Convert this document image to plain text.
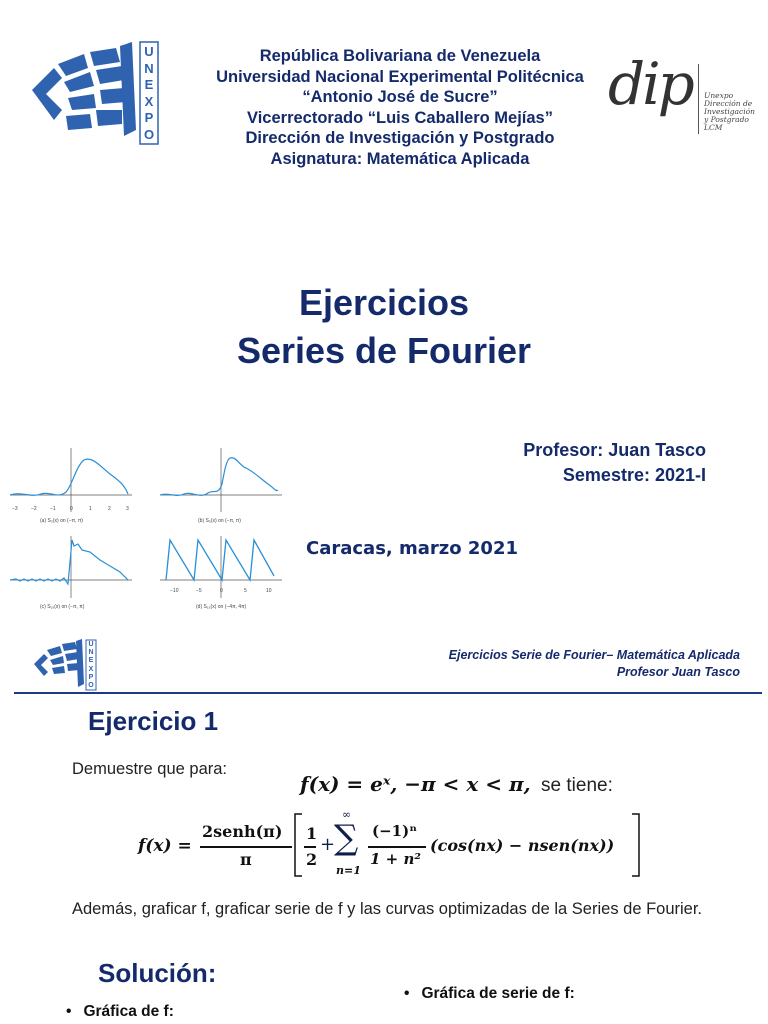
U
N
E
X
P
O
República Bolivariana de Venezuela
Universidad Nacional Experimental Politécnica
“Antonio José de Sucre”
Vicerrectorado “Luis Caballero Mejías”
Dirección de Investigación y Postgrado
Asignatura: Matemática Aplicada
dip Unexpo
Dirección de
Investigación
y Postgrado
LCM
Ejercicios
Series de Fourier
−3	−2	−1	0	1	2	3
(a) S₃(x) on (−π, π)	(b) S₅(x) on (−π, π)
(c) S₁₅(x) on (−π, π)
−10	−5	0	5	10
(d) S₁₅(x) on (−4π, 4π)
Profesor: Juan Tasco
Semestre: 2021-I
Caracas, marzo 2021
U
N
E
X
P
O
Ejercicios Serie de Fourier– Matemática Aplicada
Profesor Juan Tasco
Ejercicio 1
Demuestre que para:
f(x) = eˣ, −π < x < π, se tiene:
f(x) =
2senh(π)
π
1
2
+
∞
∑
n=1
(−1)ⁿ
1 + n²
(cos(nx) − nsen(nx))
Además, graficar f, graficar serie de f y las curvas optimizadas de la Series de Fourier.
Solución:
• Gráfica de serie de f:
• Gráfica de f:
